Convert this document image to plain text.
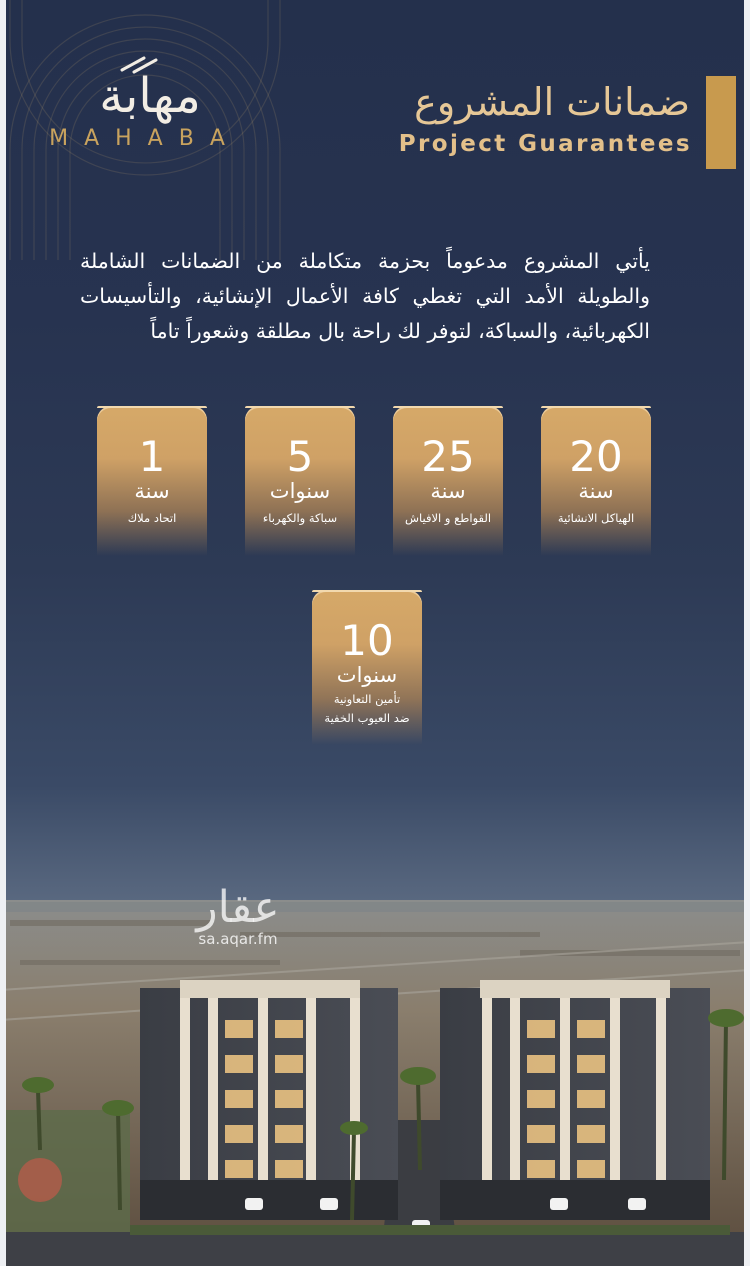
مهابة
MAHABA
ضمانات المشروع
Project Guarantees
يأتي المشروع مدعوماً بحزمة متكاملة من الضمانات الشاملة والطويلة الأمد التي تغطي كافة الأعمال الإنشائية، والتأسيسات الكهربائية، والسباكة، لتوفر لك راحة بال مطلقة وشعوراً تاماً
20
سنة
الهياكل الانشائية
25
سنة
القواطع و الافياش
5
سنوات
سباكة والكهرباء
1
سنة
اتحاد ملاك
10
سنوات
تأمين التعاونية
ضد العيوب الخفية
عقار
sa.aqar.fm
